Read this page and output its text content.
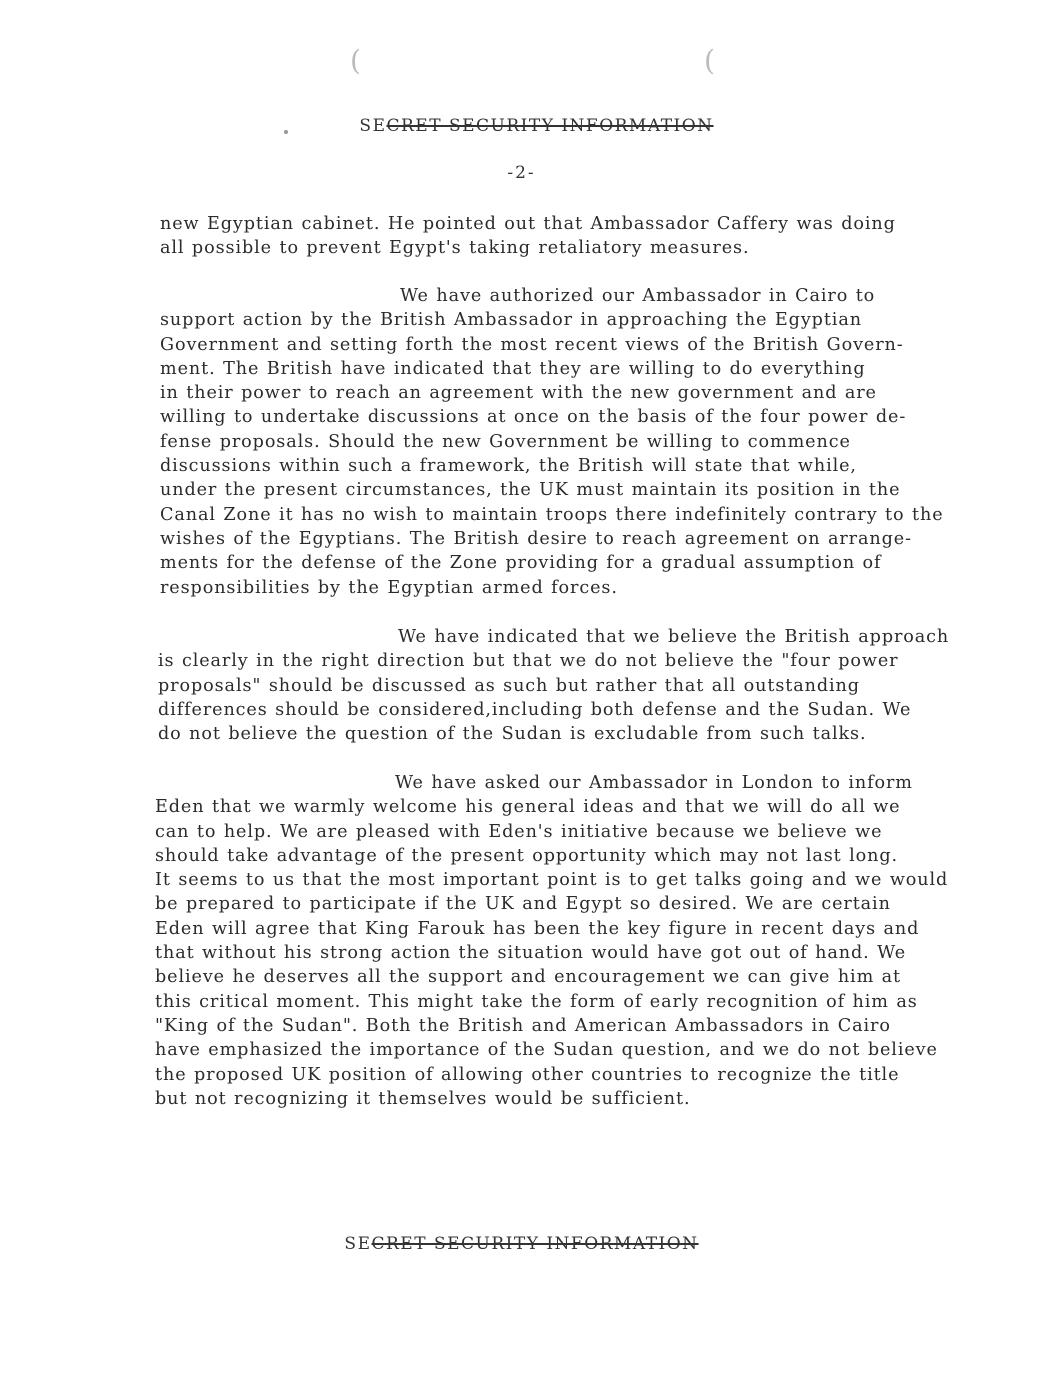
(	(
SECRET SECURITY INFORMATION
-2-
new Egyptian cabinet. He pointed out that Ambassador Caffery was doing
all possible to prevent Egypt's taking retaliatory measures.
We have authorized our Ambassador in Cairo to
support action by the British Ambassador in approaching the Egyptian
Government and setting forth the most recent views of the British Govern-
ment. The British have indicated that they are willing to do everything
in their power to reach an agreement with the new government and are
willing to undertake discussions at once on the basis of the four power de-
fense proposals. Should the new Government be willing to commence
discussions within such a framework, the British will state that while,
under the present circumstances, the UK must maintain its position in the
Canal Zone it has no wish to maintain troops there indefinitely contrary to the
wishes of the Egyptians. The British desire to reach agreement on arrange-
ments for the defense of the Zone providing for a gradual assumption of
responsibilities by the Egyptian armed forces.
We have indicated that we believe the British approach
is clearly in the right direction but that we do not believe the "four power
proposals" should be discussed as such but rather that all outstanding
differences should be considered,including both defense and the Sudan. We
do not believe the question of the Sudan is excludable from such talks.
We have asked our Ambassador in London to inform
Eden that we warmly welcome his general ideas and that we will do all we
can to help. We are pleased with Eden's initiative because we believe we
should take advantage of the present opportunity which may not last long.
It seems to us that the most important point is to get talks going and we would
be prepared to participate if the UK and Egypt so desired. We are certain
Eden will agree that King Farouk has been the key figure in recent days and
that without his strong action the situation would have got out of hand. We
believe he deserves all the support and encouragement we can give him at
this critical moment. This might take the form of early recognition of him as
"King of the Sudan". Both the British and American Ambassadors in Cairo
have emphasized the importance of the Sudan question, and we do not believe
the proposed UK position of allowing other countries to recognize the title
but not recognizing it themselves would be sufficient.
SECRET SECURITY INFORMATION
